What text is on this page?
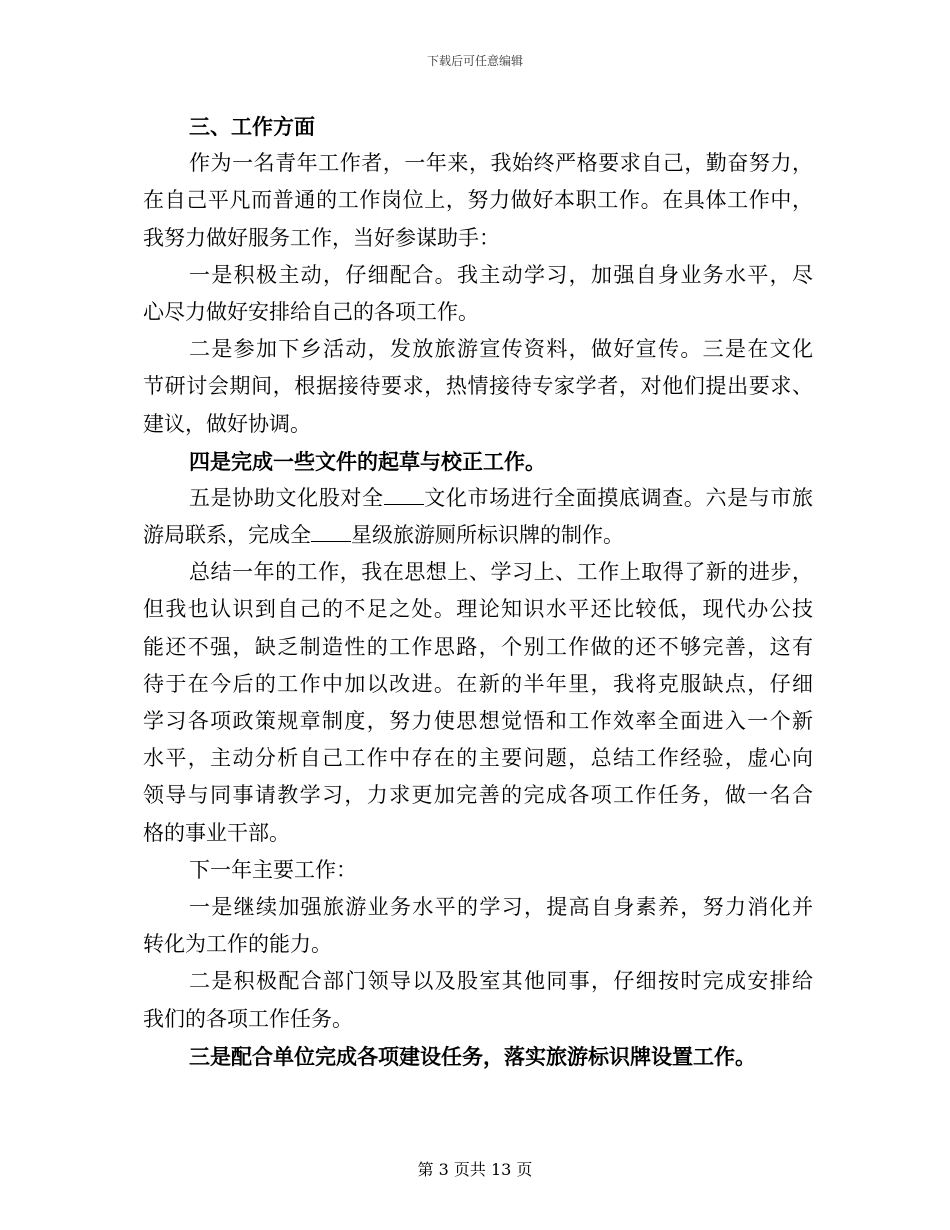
下载后可任意编辑
三、工作方面
作为一名青年工作者，一年来，我始终严格要求自己，勤奋努力，
在自己平凡而普通的工作岗位上，努力做好本职工作。在具体工作中，
我努力做好服务工作，当好参谋助手：
一是积极主动，仔细配合。我主动学习，加强自身业务水平，尽
心尽力做好安排给自己的各项工作。
二是参加下乡活动，发放旅游宣传资料，做好宣传。三是在文化
节研讨会期间，根据接待要求，热情接待专家学者，对他们提出要求、
建议，做好协调。
四是完成一些文件的起草与校正工作。
五是协助文化股对全 文化市场进行全面摸底调查。六是与市旅
游局联系，完成全 星级旅游厕所标识牌的制作。
总结一年的工作，我在思想上、学习上、工作上取得了新的进步，
但我也认识到自己的不足之处。理论知识水平还比较低，现代办公技
能还不强，缺乏制造性的工作思路，个别工作做的还不够完善，这有
待于在今后的工作中加以改进。在新的半年里，我将克服缺点，仔细
学习各项政策规章制度，努力使思想觉悟和工作效率全面进入一个新
水平，主动分析自己工作中存在的主要问题，总结工作经验，虚心向
领导与同事请教学习，力求更加完善的完成各项工作任务，做一名合
格的事业干部。
下一年主要工作：
一是继续加强旅游业务水平的学习，提高自身素养，努力消化并
转化为工作的能力。
二是积极配合部门领导以及股室其他同事，仔细按时完成安排给
我们的各项工作任务。
三是配合单位完成各项建设任务，落实旅游标识牌设置工作。
第 3 页共 13 页
